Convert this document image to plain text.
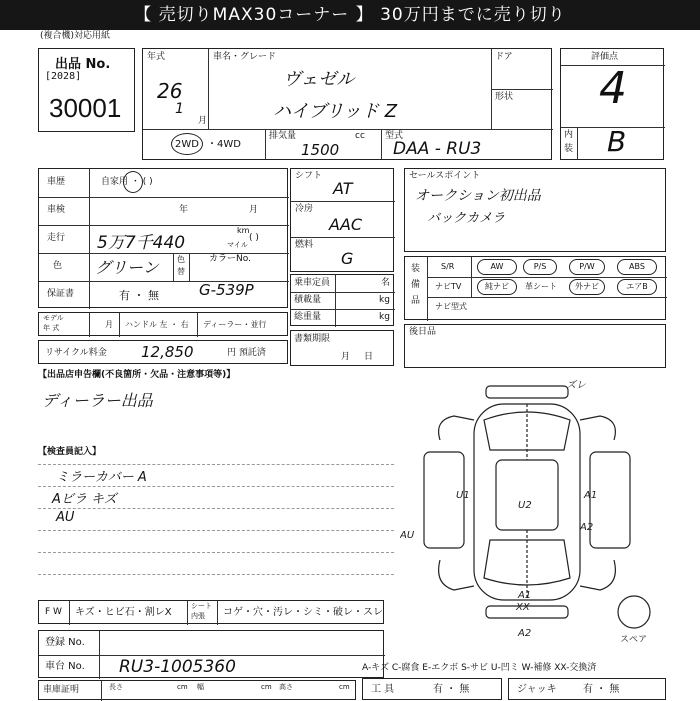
【 売切りMAX30コーナー 】 30万円までに売り切り
(複合機)対応用紙
出品 No.
[2028]
30001
年式
26
1
月
車名・グレード
ヴェゼル
ハイブリッド Z
ドア
形状
2WD ・4WD
排気量	cc
1500
型式
DAA - RU3
評価点
4
内
装 B
車歴	自家用 ・ ( )
車検	年	月
走行 5万7千440
km
マイル
( )
色 グリーン 色
替
カラーNo.
G-539P
保証書	有 ・ 無
モデル
年 式	月 ハンドル 左 ・ 右 ディーラー・並行
リサイクル料金 12,850	円 預託済
シフト
AT
冷房
AAC
燃料
G
乗車定員	名
積載量	kg
総重量	kg
書類期限
月日
セールスポイント
オークション初出品
バックカメラ
装
備
品
S/R	AW	P/S	P/W	ABS
ナビTV	純ナビ	革シート	外ナビ	エアB
ナビ型式
後日品
【出品店申告欄(不良箇所・欠品・注意事項等)】
ディーラー出品
【検査員記入】
ミラーカバー A
Aビラ キズ
AU
ズレ
AU
U1
U2
A1
A2
A1
XX
A2
スペア
F W キズ・ヒビ石・割レX
シート
内張 コゲ・穴・汚レ・シミ・破レ・スレ
登録 No.
車台 No. RU3-1005360	A-キズ C-腐食 E-エクボ S-サビ U-凹ミ W-補修 XX-交換済
車庫証明	長さ	cm 幅	cm 高さ	cm 工 具	有 ・ 無	ジャッキ	有 ・ 無
